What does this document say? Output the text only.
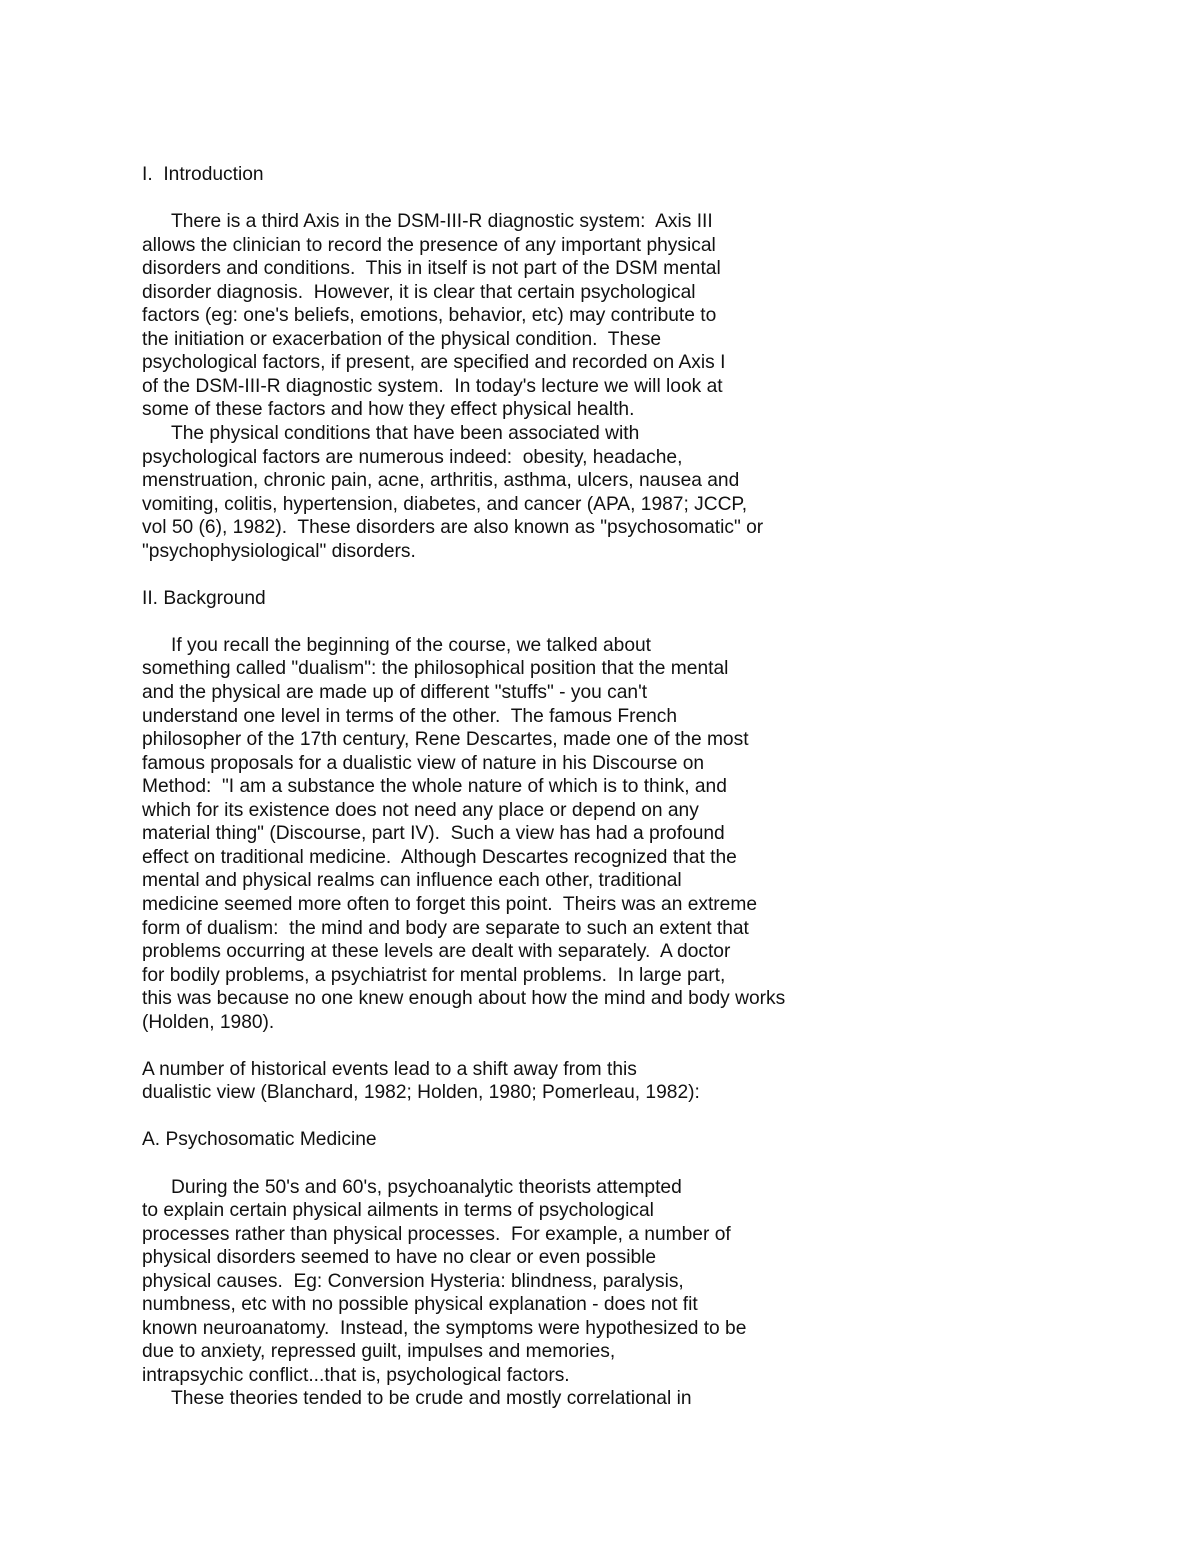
I.  Introduction
There is a third Axis in the DSM-III-R diagnostic system:  Axis III
allows the clinician to record the presence of any important physical
disorders and conditions.  This in itself is not part of the DSM mental
disorder diagnosis.  However, it is clear that certain psychological
factors (eg: one's beliefs, emotions, behavior, etc) may contribute to
the initiation or exacerbation of the physical condition.  These
psychological factors, if present, are specified and recorded on Axis I
of the DSM-III-R diagnostic system.  In today's lecture we will look at
some of these factors and how they effect physical health.
The physical conditions that have been associated with
psychological factors are numerous indeed:  obesity, headache,
menstruation, chronic pain, acne, arthritis, asthma, ulcers, nausea and
vomiting, colitis, hypertension, diabetes, and cancer (APA, 1987; JCCP,
vol 50 (6), 1982).  These disorders are also known as "psychosomatic" or
"psychophysiological" disorders.
II. Background
If you recall the beginning of the course, we talked about
something called "dualism": the philosophical position that the mental
and the physical are made up of different "stuffs" - you can't
understand one level in terms of the other.  The famous French
philosopher of the 17th century, Rene Descartes, made one of the most
famous proposals for a dualistic view of nature in his Discourse on
Method:  "I am a substance the whole nature of which is to think, and
which for its existence does not need any place or depend on any
material thing" (Discourse, part IV).  Such a view has had a profound
effect on traditional medicine.  Although Descartes recognized that the
mental and physical realms can influence each other, traditional
medicine seemed more often to forget this point.  Theirs was an extreme
form of dualism:  the mind and body are separate to such an extent that
problems occurring at these levels are dealt with separately.  A doctor
for bodily problems, a psychiatrist for mental problems.  In large part,
this was because no one knew enough about how the mind and body works
(Holden, 1980).
A number of historical events lead to a shift away from this
dualistic view (Blanchard, 1982; Holden, 1980; Pomerleau, 1982):
A. Psychosomatic Medicine
During the 50's and 60's, psychoanalytic theorists attempted
to explain certain physical ailments in terms of psychological
processes rather than physical processes.  For example, a number of
physical disorders seemed to have no clear or even possible
physical causes.  Eg: Conversion Hysteria: blindness, paralysis,
numbness, etc with no possible physical explanation - does not fit
known neuroanatomy.  Instead, the symptoms were hypothesized to be
due to anxiety, repressed guilt, impulses and memories,
intrapsychic conflict...that is, psychological factors.
These theories tended to be crude and mostly correlational in
